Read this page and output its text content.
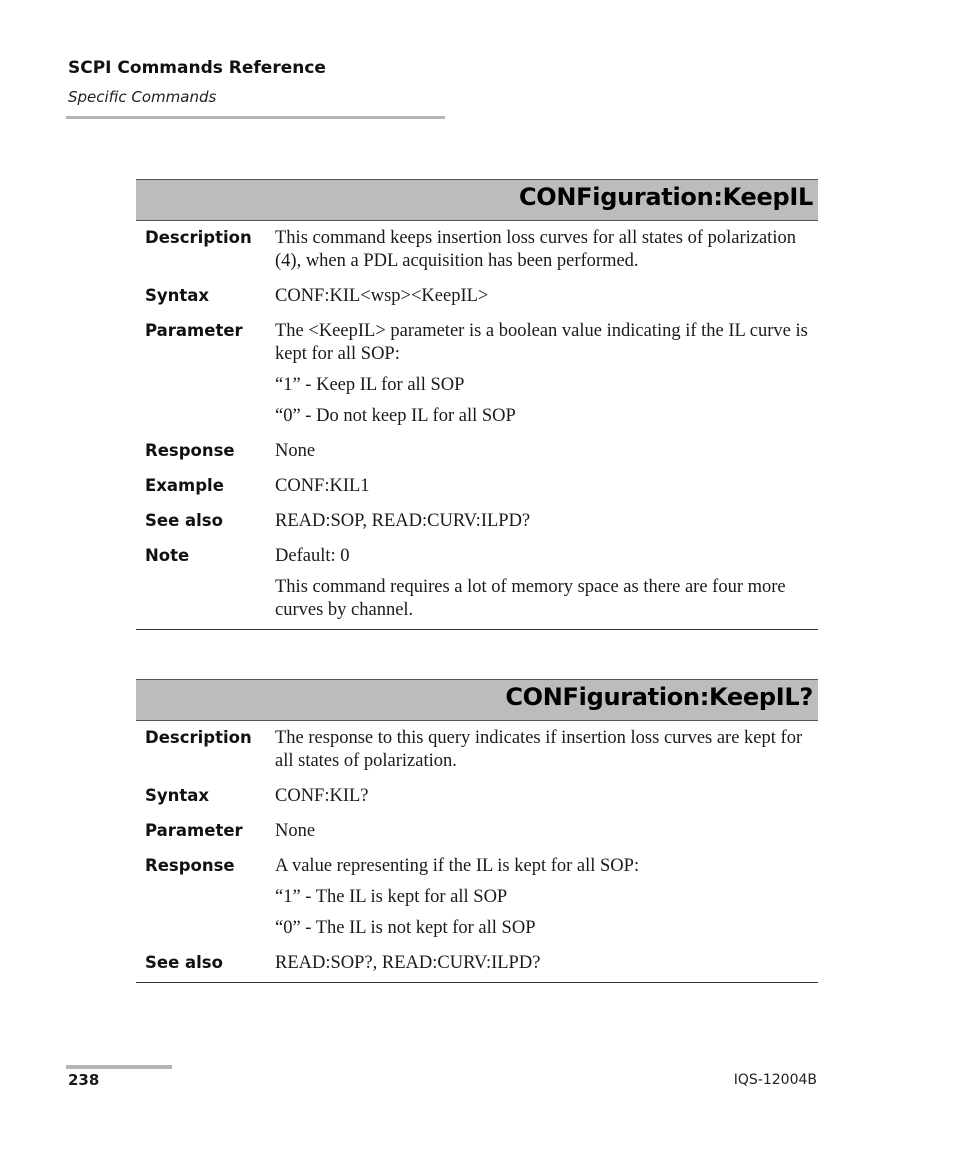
SCPI Commands Reference
Specific Commands
CONFiguration:KeepIL
Description	This command keeps insertion loss curves for all states of polarization (4), when a PDL acquisition has been performed.

Syntax	CONF:KIL<wsp><KeepIL>

Parameter	The <KeepIL> parameter is a boolean value indicating if the IL curve is kept for all SOP:

“1” - Keep IL for all SOP

“0” - Do not keep IL for all SOP

Response	None

Example	CONF:KIL1

See also	READ:SOP, READ:CURV:ILPD?

Note	Default: 0

This command requires a lot of memory space as there are four more curves by channel.

CONFiguration:KeepIL?
Description	The response to this query indicates if insertion loss curves are kept for all states of polarization.

Syntax	CONF:KIL?

Parameter	None

Response	A value representing if the IL is kept for all SOP:

“1” - The IL is kept for all SOP

“0” - The IL is not kept for all SOP

See also	READ:SOP?, READ:CURV:ILPD?

238	IQS-12004B
